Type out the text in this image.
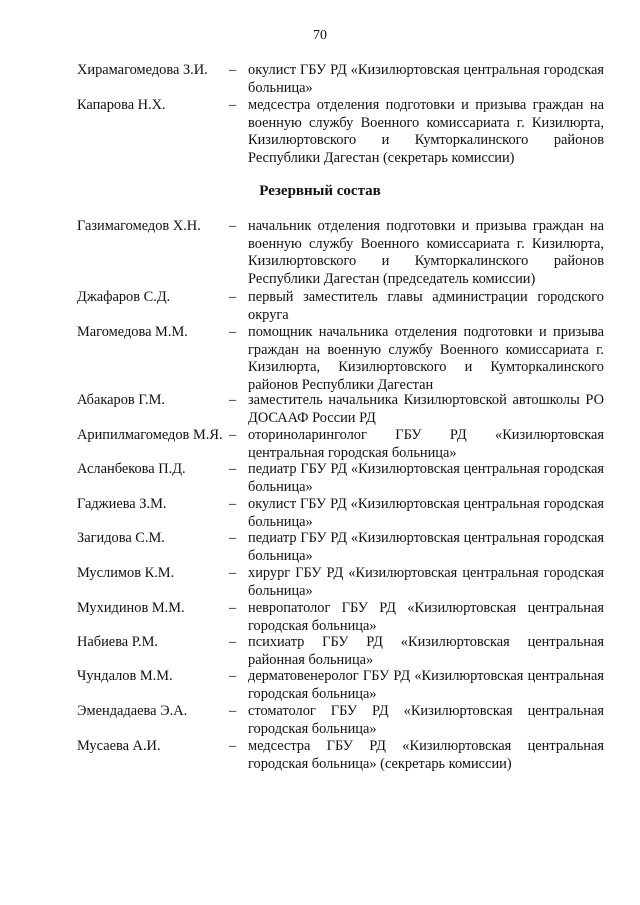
70
Хирамагомедова З.И. – окулист ГБУ РД «Кизилюртовская центральная городская больница»
Капарова Н.Х.	– медсестра отделения подготовки и призыва граждан на военную службу Военного комиссариата г. Кизилюрта, Кизилюртовского и Кумторкалинского районов Республики Дагестан (секретарь комиссии)
Резервный состав
Газимагомедов Х.Н. – начальник отделения подготовки и призыва граждан на военную службу Военного комиссариата г. Кизилюрта, Кизилюртовского и Кумторкалинского районов Республики Дагестан (председатель комиссии)
Джафаров С.Д.	– первый заместитель главы администрации городского округа
Магомедова М.М.	– помощник начальника отделения подготовки и призыва граждан на военную службу Военного комиссариата г. Кизилюрта, Кизилюртовского и Кумторкалинского районов Республики Дагестан
Абакаров Г.М.	– заместитель начальника Кизилюртовской автошколы РО ДОСААФ России РД
Арипилмагомедов М.Я. – оториноларинголог ГБУ РД «Кизилюртовская центральная городская больница»
Асланбекова П.Д.	– педиатр ГБУ РД «Кизилюртовская центральная городская больница»
Гаджиева З.М.	– окулист ГБУ РД «Кизилюртовская центральная городская больница»
Загидова С.М.	– педиатр ГБУ РД «Кизилюртовская центральная городская больница»
Муслимов К.М.	– хирург ГБУ РД «Кизилюртовская центральная городская больница»
Мухидинов М.М.	– невропатолог ГБУ РД «Кизилюртовская центральная городская больница»
Набиева Р.М.	– психиатр ГБУ РД «Кизилюртовская центральная районная больница»
Чундалов М.М.	– дерматовенеролог ГБУ РД «Кизилюртовская центральная городская больница»
Эмендадаева Э.А.	– стоматолог ГБУ РД «Кизилюртовская центральная городская больница»
Мусаева А.И.	– медсестра ГБУ РД «Кизилюртовская центральная городская больница» (секретарь комиссии)
